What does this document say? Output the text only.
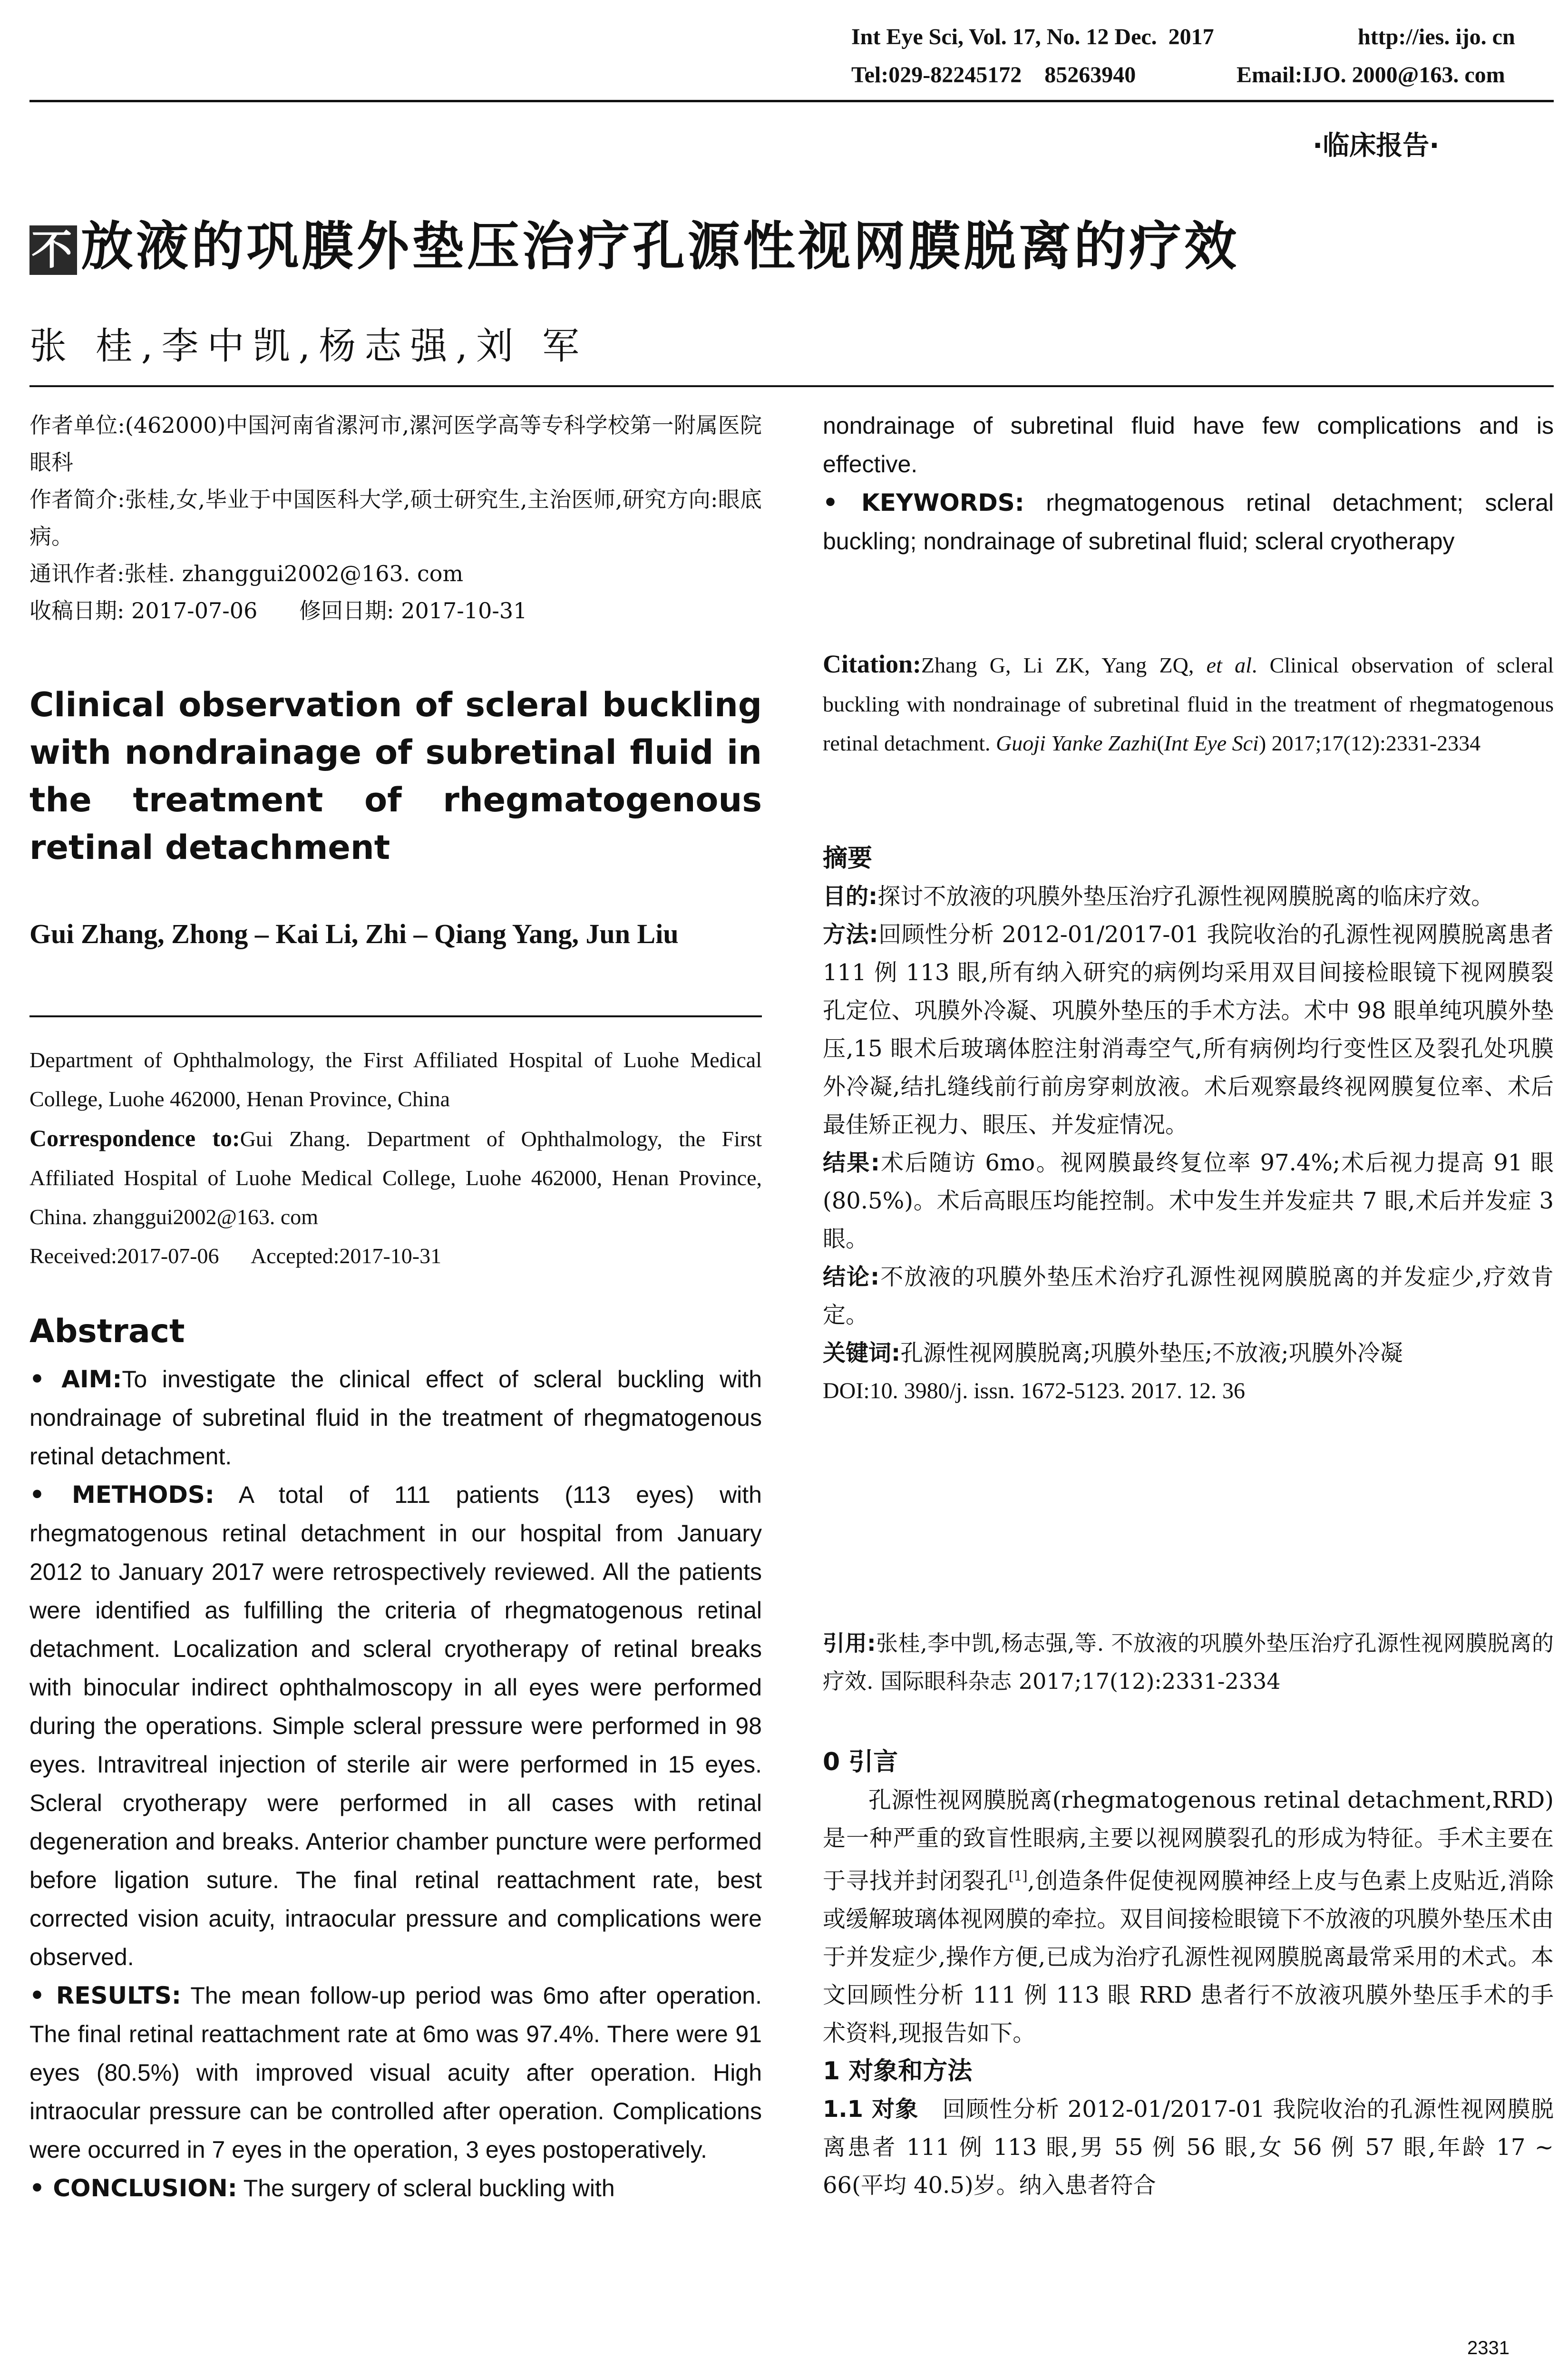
Int Eye Sci, Vol. 17, No. 12 Dec.  2017	http://ies. ijo. cn
Tel:029-82245172    85263940	Email:IJO. 2000@163. com
·临床报告·
不 放液的巩膜外垫压治疗孔源性视网膜脱离的疗效
张 桂,李中凯,杨志强,刘 军

作者单位:(462000)中国河南省漯河市,漯河医学高等专科学校第一附属医院眼科

作者简介:张桂,女,毕业于中国医科大学,硕士研究生,主治医师,研究方向:眼底病。

通讯作者:张桂. zhanggui2002@163. com

收稿日期: 2017-07-06      修回日期: 2017-10-31

Clinical observation of scleral buckling with nondrainage of subretinal fluid in the treatment of rhegmatogenous retinal detachment
Gui Zhang, Zhong – Kai Li, Zhi – Qiang Yang, Jun Liu
Department of Ophthalmology, the First Affiliated Hospital of Luohe Medical College, Luohe 462000, Henan Province, China
Correspondence to:Gui Zhang. Department of Ophthalmology, the First Affiliated Hospital of Luohe Medical College, Luohe 462000, Henan Province, China. zhanggui2002@163. com
Received:2017-07-06      Accepted:2017-10-31
Abstract

• AIM:To investigate the clinical effect of scleral buckling with nondrainage of subretinal fluid in the treatment of rhegmatogenous retinal detachment.

• METHODS: A total of 111 patients (113 eyes) with rhegmatogenous retinal detachment in our hospital from January 2012 to January 2017 were retrospectively reviewed. All the patients were identified as fulfilling the criteria of rhegmatogenous retinal detachment. Localization and scleral cryotherapy of retinal breaks with binocular indirect ophthalmoscopy in all eyes were performed during the operations. Simple scleral pressure were performed in 98 eyes. Intravitreal injection of sterile air were performed in 15 eyes. Scleral cryotherapy were performed in all cases with retinal degeneration and breaks. Anterior chamber puncture were performed before ligation suture. The final retinal reattachment rate, best corrected vision acuity, intraocular pressure and complications were observed.

• RESULTS: The mean follow-up period was 6mo after operation. The final retinal reattachment rate at 6mo was 97.4%. There were 91 eyes (80.5%) with improved visual acuity after operation. High intraocular pressure can be controlled after operation. Complications were occurred in 7 eyes in the operation, 3 eyes postoperatively.

• CONCLUSION: The surgery of scleral buckling with

nondrainage of subretinal fluid have few complications and is effective.

• KEYWORDS: rhegmatogenous retinal detachment; scleral buckling; nondrainage of subretinal fluid; scleral cryotherapy

Citation:Zhang G, Li ZK, Yang ZQ, et al. Clinical observation of scleral buckling with nondrainage of subretinal fluid in the treatment of rhegmatogenous retinal detachment. Guoji Yanke Zazhi(Int Eye Sci) 2017;17(12):2331-2334

摘要

目的:探讨不放液的巩膜外垫压治疗孔源性视网膜脱离的临床疗效。

方法:回顾性分析 2012-01/2017-01 我院收治的孔源性视网膜脱离患者 111 例 113 眼,所有纳入研究的病例均采用双目间接检眼镜下视网膜裂孔定位、巩膜外冷凝、巩膜外垫压的手术方法。术中 98 眼单纯巩膜外垫压,15 眼术后玻璃体腔注射消毒空气,所有病例均行变性区及裂孔处巩膜外冷凝,结扎缝线前行前房穿刺放液。术后观察最终视网膜复位率、术后最佳矫正视力、眼压、并发症情况。

结果:术后随访 6mo。视网膜最终复位率 97.4%;术后视力提高 91 眼(80.5%)。术后高眼压均能控制。术中发生并发症共 7 眼,术后并发症 3 眼。

结论:不放液的巩膜外垫压术治疗孔源性视网膜脱离的并发症少,疗效肯定。

关键词:孔源性视网膜脱离;巩膜外垫压;不放液;巩膜外冷凝

DOI:10. 3980/j. issn. 1672-5123. 2017. 12. 36

引用:张桂,李中凯,杨志强,等. 不放液的巩膜外垫压治疗孔源性视网膜脱离的疗效. 国际眼科杂志 2017;17(12):2331-2334

0 引言

孔源性视网膜脱离(rhegmatogenous retinal detachment,RRD)是一种严重的致盲性眼病,主要以视网膜裂孔的形成为特征。手术主要在于寻找并封闭裂孔[1],创造条件促使视网膜神经上皮与色素上皮贴近,消除或缓解玻璃体视网膜的牵拉。双目间接检眼镜下不放液的巩膜外垫压术由于并发症少,操作方便,已成为治疗孔源性视网膜脱离最常采用的术式。本文回顾性分析 111 例 113 眼 RRD 患者行不放液巩膜外垫压手术的手术资料,现报告如下。

1 对象和方法

1.1 对象 回顾性分析 2012-01/2017-01 我院收治的孔源性视网膜脱离患者 111 例 113 眼,男 55 例 56 眼,女 56 例 57 眼,年龄 17 ~ 66(平均 40.5)岁。纳入患者符合

2331
